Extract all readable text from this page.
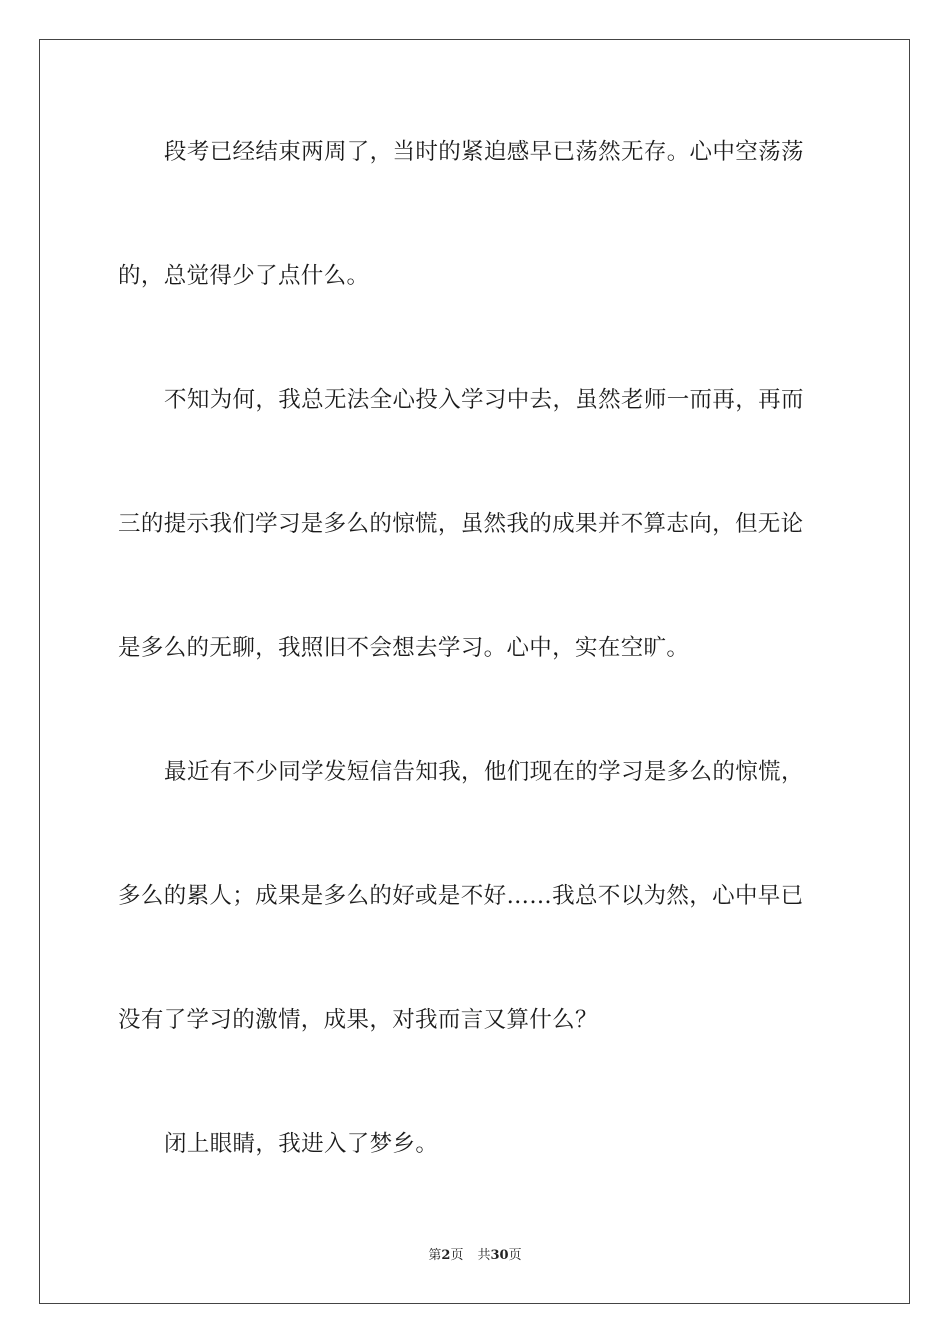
段考已经结束两周了，当时的紧迫感早已荡然无存。心中空荡荡
的，总觉得少了点什么。
不知为何，我总无法全心投入学习中去，虽然老师一而再，再而
三的提示我们学习是多么的惊慌，虽然我的成果并不算志向，但无论
是多么的无聊，我照旧不会想去学习。心中，实在空旷。
最近有不少同学发短信告知我，他们现在的学习是多么的惊慌，
多么的累人；成果是多么的好或是不好……我总不以为然，心中早已
没有了学习的激情，成果，对我而言又算什么？
闭上眼睛，我进入了梦乡。
第2页 共30页
